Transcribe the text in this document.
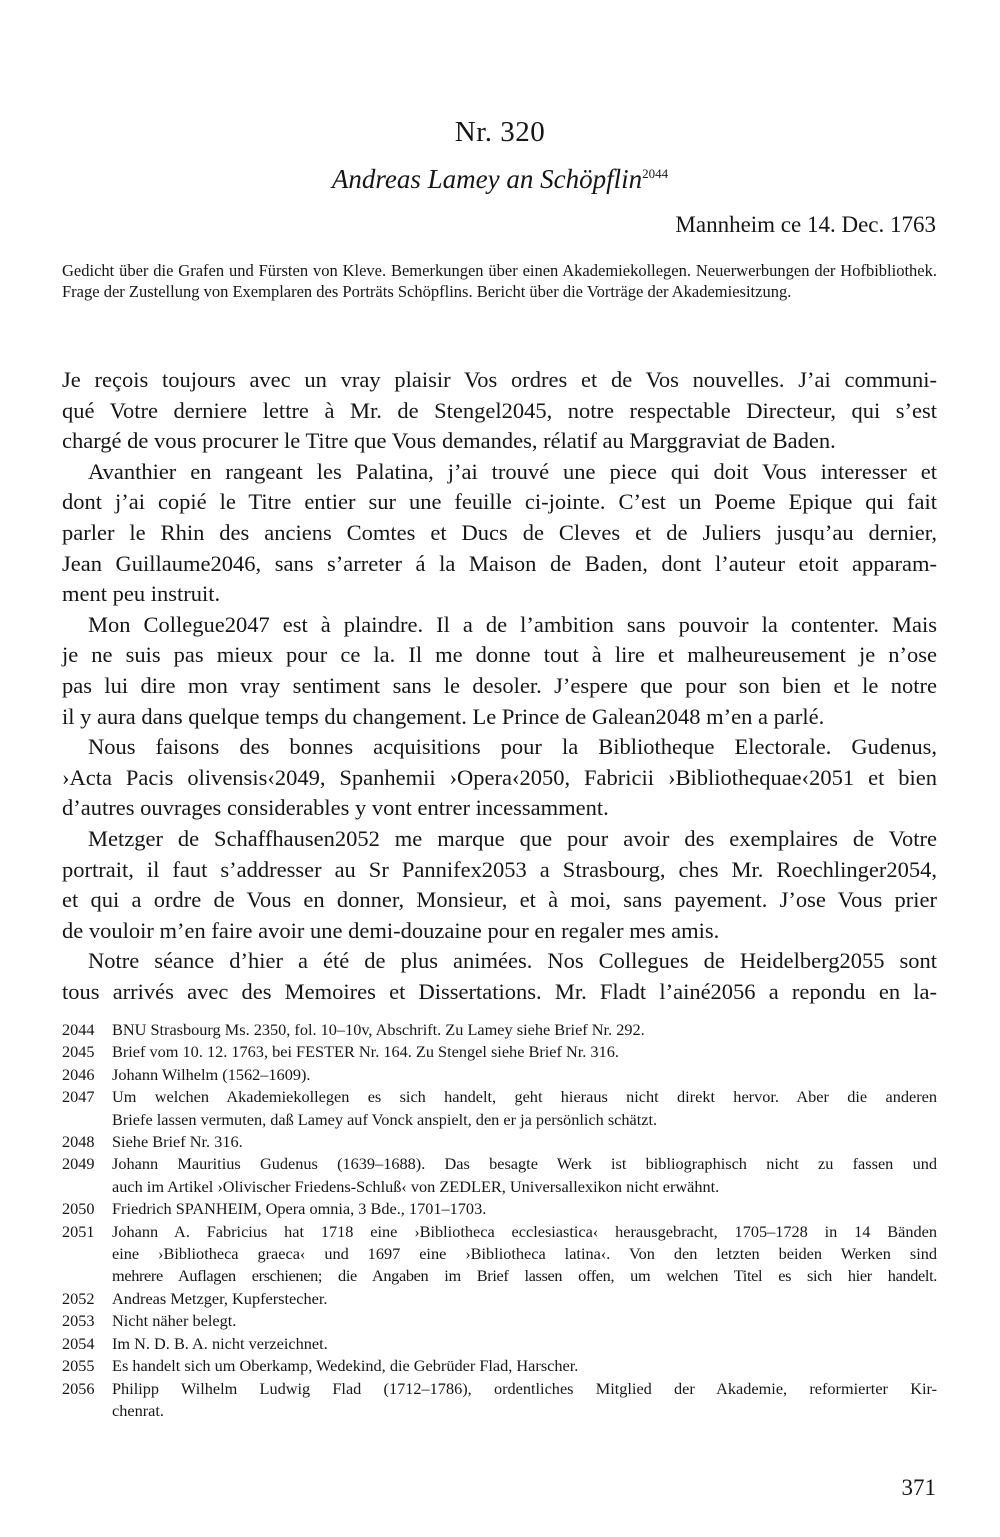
Nr. 320
Andreas Lamey an Schöpflin$^{2044}$
Mannheim ce 14. Dec. 1763
Gedicht über die Grafen und Fürsten von Kleve. Bemerkungen über einen Akademiekollegen. Neuerwerbungen der Hofbibliothek. Frage der Zustellung von Exemplaren des Porträts Schöpflins. Bericht über die Vorträge der Akademiesitzung.

Je reçois toujours avec un vray plaisir Vos ordres et de Vos nouvelles. J’ai communi-

qué Votre derniere lettre à Mr. de Stengel2045, notre respectable Directeur, qui s’est

chargé de vous procurer le Titre que Vous demandes, rélatif au Marggraviat de Baden.

Avanthier en rangeant les Palatina, j’ai trouvé une piece qui doit Vous interesser et

dont j’ai copié le Titre entier sur une feuille ci-jointe. C’est un Poeme Epique qui fait

parler le Rhin des anciens Comtes et Ducs de Cleves et de Juliers jusqu’au dernier,

Jean Guillaume2046, sans s’arreter á la Maison de Baden, dont l’auteur etoit apparam-

ment peu instruit.

Mon Collegue2047 est à plaindre. Il a de l’ambition sans pouvoir la contenter. Mais

je ne suis pas mieux pour ce la. Il me donne tout à lire et malheureusement je n’ose

pas lui dire mon vray sentiment sans le desoler. J’espere que pour son bien et le notre

il y aura dans quelque temps du changement. Le Prince de Galean2048 m’en a parlé.

Nous faisons des bonnes acquisitions pour la Bibliotheque Electorale. Gudenus,

›Acta Pacis olivensis‹2049, Spanhemii ›Opera‹2050, Fabricii ›Bibliothequae‹2051 et bien

d’autres ouvrages considerables y vont entrer incessamment.

Metzger de Schaffhausen2052 me marque que pour avoir des exemplaires de Votre

portrait, il faut s’addresser au Sr Pannifex2053 a Strasbourg, ches Mr. Roechlinger2054,

et qui a ordre de Vous en donner, Monsieur, et à moi, sans payement. J’ose Vous prier

de vouloir m’en faire avoir une demi-douzaine pour en regaler mes amis.

Notre séance d’hier a été de plus animées. Nos Collegues de Heidelberg2055 sont

tous arrivés avec des Memoires et Dissertations. Mr. Fladt l’ainé2056 a repondu en la-

2044	BNU Strasbourg Ms. 2350, fol. 10–10v, Abschrift. Zu Lamey siehe Brief Nr. 292.
2045	Brief vom 10. 12. 1763, bei FESTER Nr. 164. Zu Stengel siehe Brief Nr. 316.
2046	Johann Wilhelm (1562–1609).
2047	Um welchen Akademiekollegen es sich handelt, geht hieraus nicht direkt hervor. Aber die anderen
Briefe lassen vermuten, daß Lamey auf Vonck anspielt, den er ja persönlich schätzt.
2048	Siehe Brief Nr. 316.
2049	Johann Mauritius Gudenus (1639–1688). Das besagte Werk ist bibliographisch nicht zu fassen und
auch im Artikel ›Olivischer Friedens-Schluß‹ von ZEDLER, Universallexikon nicht erwähnt.
2050	Friedrich SPANHEIM, Opera omnia, 3 Bde., 1701–1703.
2051	Johann A. Fabricius hat 1718 eine ›Bibliotheca ecclesiastica‹ herausgebracht, 1705–1728 in 14 Bänden
eine ›Bibliotheca graeca‹ und 1697 eine ›Bibliotheca latina‹. Von den letzten beiden Werken sind
mehrere Auflagen erschienen; die Angaben im Brief lassen offen, um welchen Titel es sich hier handelt.
2052	Andreas Metzger, Kupferstecher.
2053	Nicht näher belegt.
2054	Im N. D. B. A. nicht verzeichnet.
2055	Es handelt sich um Oberkamp, Wedekind, die Gebrüder Flad, Harscher.
2056	Philipp Wilhelm Ludwig Flad (1712–1786), ordentliches Mitglied der Akademie, reformierter Kir-
chenrat.
371
